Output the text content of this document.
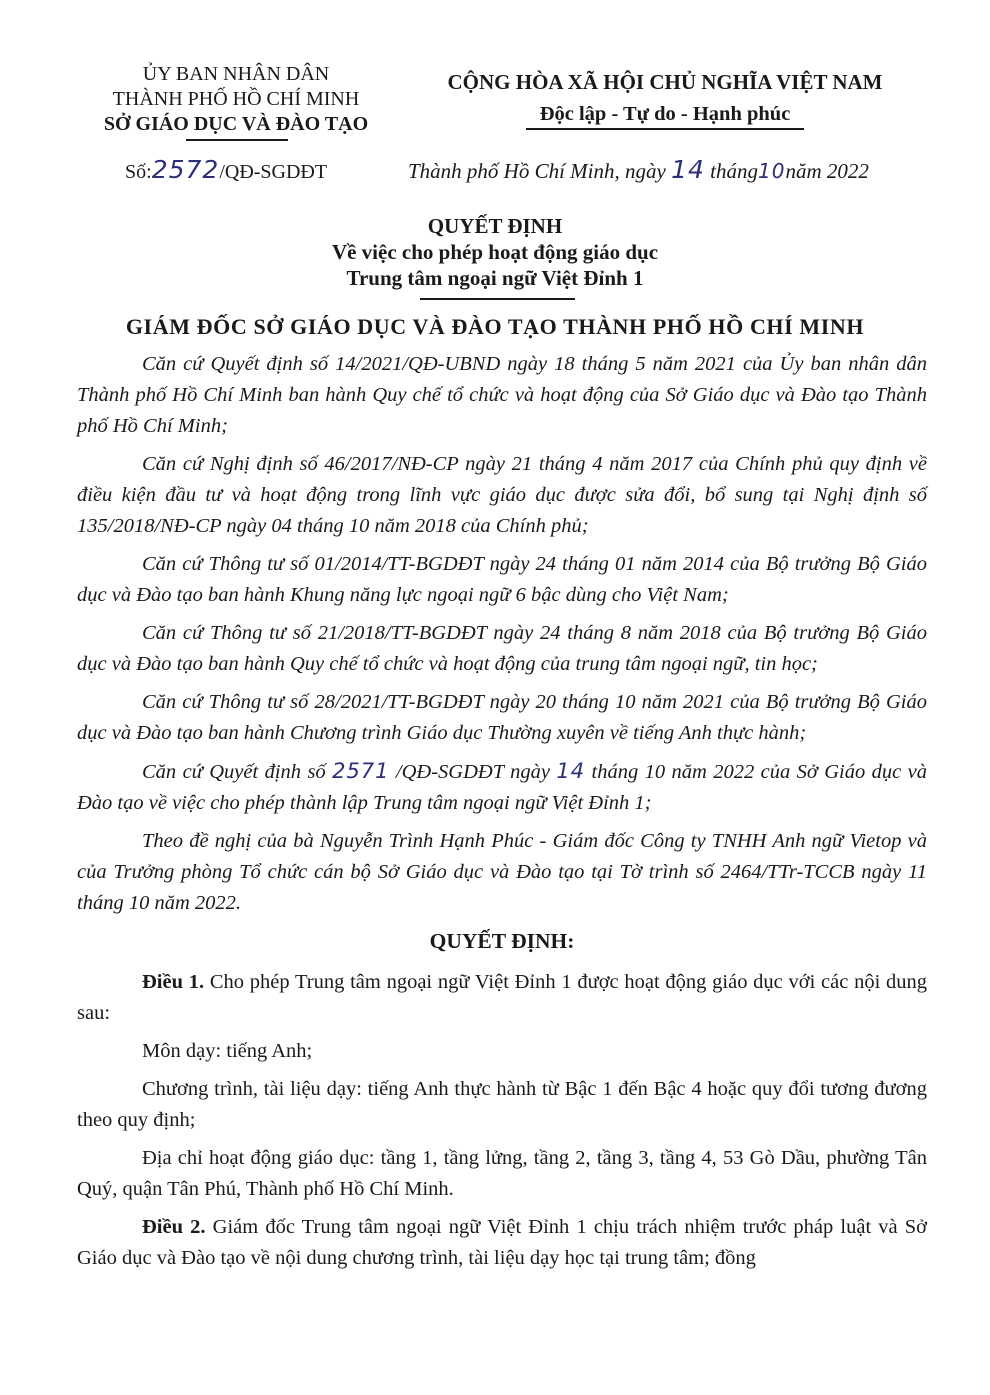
ỦY BAN NHÂN DÂN
THÀNH PHỐ HỒ CHÍ MINH
SỞ GIÁO DỤC VÀ ĐÀO TẠO
CỘNG HÒA XÃ HỘI CHỦ NGHĨA VIỆT NAM
Độc lập - Tự do - Hạnh phúc
Số:2572/QĐ-SGDĐT	Thành phố Hồ Chí Minh, ngày 14 tháng10năm 2022
QUYẾT ĐỊNH
Về việc cho phép hoạt động giáo dục
Trung tâm ngoại ngữ Việt Đỉnh 1
GIÁM ĐỐC SỞ GIÁO DỤC VÀ ĐÀO TẠO THÀNH PHỐ HỒ CHÍ MINH

Căn cứ Quyết định số 14/2021/QĐ-UBND ngày 18 tháng 5 năm 2021 của Ủy ban nhân dân Thành phố Hồ Chí Minh ban hành Quy chế tổ chức và hoạt động của Sở Giáo dục và Đào tạo Thành phố Hồ Chí Minh;

Căn cứ Nghị định số 46/2017/NĐ-CP ngày 21 tháng 4 năm 2017 của Chính phủ quy định về điều kiện đầu tư và hoạt động trong lĩnh vực giáo dục được sửa đổi, bổ sung tại Nghị định số 135/2018/NĐ-CP ngày 04 tháng 10 năm 2018 của Chính phủ;

Căn cứ Thông tư số 01/2014/TT-BGDĐT ngày 24 tháng 01 năm 2014 của Bộ trưởng Bộ Giáo dục và Đào tạo ban hành Khung năng lực ngoại ngữ 6 bậc dùng cho Việt Nam;

Căn cứ Thông tư số 21/2018/TT-BGDĐT ngày 24 tháng 8 năm 2018 của Bộ trưởng Bộ Giáo dục và Đào tạo ban hành Quy chế tổ chức và hoạt động của trung tâm ngoại ngữ, tin học;

Căn cứ Thông tư số 28/2021/TT-BGDĐT ngày 20 tháng 10 năm 2021 của Bộ trưởng Bộ Giáo dục và Đào tạo ban hành Chương trình Giáo dục Thường xuyên về tiếng Anh thực hành;

Căn cứ Quyết định số 2571 /QĐ-SGDĐT ngày 14 tháng 10 năm 2022 của Sở Giáo dục và Đào tạo về việc cho phép thành lập Trung tâm ngoại ngữ Việt Đỉnh 1;

Theo đề nghị của bà Nguyễn Trình Hạnh Phúc - Giám đốc Công ty TNHH Anh ngữ Vietop và của Trưởng phòng Tổ chức cán bộ Sở Giáo dục và Đào tạo tại Tờ trình số 2464/TTr-TCCB ngày 11 tháng 10 năm 2022.

QUYẾT ĐỊNH:

Điều 1. Cho phép Trung tâm ngoại ngữ Việt Đỉnh 1 được hoạt động giáo dục với các nội dung sau:

Môn dạy: tiếng Anh;

Chương trình, tài liệu dạy: tiếng Anh thực hành từ Bậc 1 đến Bậc 4 hoặc quy đổi tương đương theo quy định;

Địa chỉ hoạt động giáo dục: tầng 1, tầng lửng, tầng 2, tầng 3, tầng 4, 53 Gò Dầu, phường Tân Quý, quận Tân Phú, Thành phố Hồ Chí Minh.

Điều 2. Giám đốc Trung tâm ngoại ngữ Việt Đỉnh 1 chịu trách nhiệm trước pháp luật và Sở Giáo dục và Đào tạo về nội dung chương trình, tài liệu dạy học tại trung tâm; đồng
